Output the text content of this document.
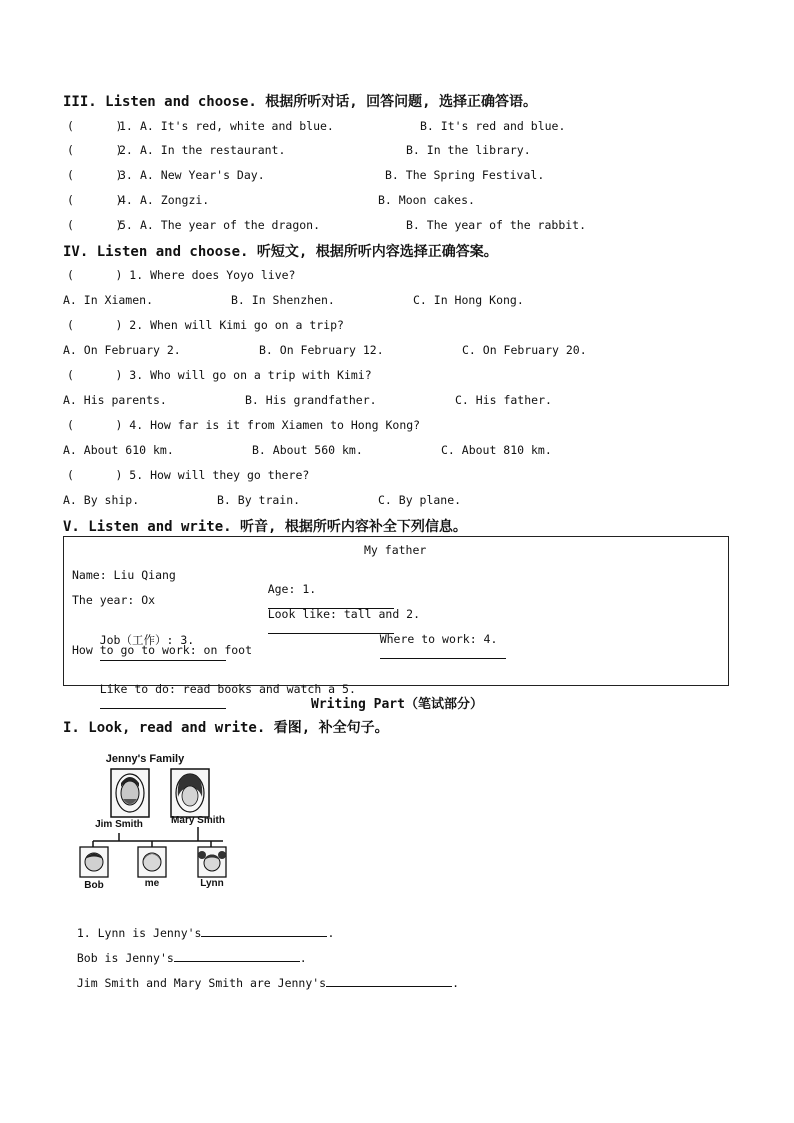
III. Listen and choose. 根据所听对话, 回答问题, 选择正确答语。
(      )
1. A. It's red, white and blue.	B. It's red and blue.
(      )
2. A. In the restaurant.	B. In the library.
(      )
3. A. New Year's Day.	B. The Spring Festival.
(      )
4. A. Zongzi.	B. Moon cakes.
(      )
5. A. The year of the dragon.	B. The year of the rabbit.
IV. Listen and choose. 听短文, 根据所听内容选择正确答案。
(      ) 1. Where does Yoyo live?
A. In Xiamen.	B. In Shenzhen.	C. In Hong Kong.
(      ) 2. When will Kimi go on a trip?
A. On February 2.	B. On February 12.	C. On February 20.
(      ) 3. Who will go on a trip with Kimi?
A. His parents.	B. His grandfather.	C. His father.
(      ) 4. How far is it from Xiamen to Hong Kong?
A. About 610 km.	B. About 560 km.	C. About 810 km.
(      ) 5. How will they go there?
A. By ship.	B. By train.	C. By plane.
V. Listen and write. 听音, 根据所听内容补全下列信息。
My father
Name: Liu Qiang

Age: 1.

The year: Ox

Look like: tall and 2.

Job（工作）: 3.

	Where to work: 4.

How to go to work: on foot

Like to do: read books and watch a 5.

Writing Part（笔试部分）
I. Look, read and write. 看图, 补全句子。
Jenny's Family
Jim Smith	Mary Smith
Bob	me	Lynn

1. Lynn is Jenny's	.

Bob is Jenny's	.

Jim Smith and Mary Smith are Jenny's	.
